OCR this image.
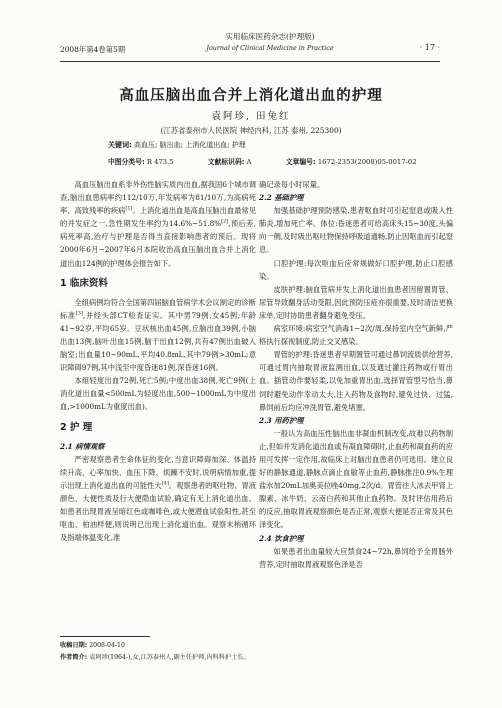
2008年第4卷第5期
实用临床医药杂志(护理版)
Journal of Clinical Medicine in Practice	· 17 ·
高血压脑出血合并上消化道出血的护理
袁阿珍, 田兔红
(江苏省泰州市人民医院 神经内科, 江苏 泰州, 225300)
关键词: 高血压; 脑出血; 上消化道出血; 护理
中图分类号: R 473.5	文献标识码: A	文章编号: 1672-2353(2008)05-0017-02

高血压脑出血系非外伤性脑实质内出血,据我国6个城市调查,脑出血患病率约112/10万,年发病率为81/10万,为高病死率、高致残率的疾病[1]。上消化道出血是高血压脑出血最常见的并发症之一,急性期发生率约为14.6%~51.8%[2],预后差,病死率高,治疗与护理是否得当直接影响患者的预后。现将2000年6月~2007年6月本院收治高血压脑出血合并上消化道出血124例的护理体会报告如下。

1 临床资料

全组病例均符合全国第四届脑血管病学术会议制定的诊断标准[3],并经头部CT检查证实。其中男79例,女45例;年龄41~92岁,平均65岁。豆状核出血45例,丘脑出血39例,小脑出血13例,脑叶出血15例,脑干出血12例,共有47例出血破入脑室;出血量10~90mL,平均40.8mL,其中79例>30mL;意识障碍97例,其中浅至中度昏迷81例,深昏迷16例。

本组轻度出血72例,死亡5例;中度出血38例,死亡9例(上消化道出血量<500mL为轻度出血,500~1000mL为中度出血,>1000mL为重度出血)。

2 护 理
2.1 病情观察

严密观察患者生命体征的变化,当意识障碍加深、体温持续升高、心率加快、血压下降、烦躁不安时,说明病情加重,提示出现上消化道出血的可能性大[4]。观察患者的呕吐物、胃液颜色、大便性质及行大便隐血试验,确定有无上消化道出血。如患者出现胃液呈暗红色或咖啡色,或大便潜血试验阳性,甚至呕血、柏油样便,则说明已出现上消化道出血。观察末梢循环及指端体温变化,准

确记录每小时尿量。

2.2 基础护理

加强基础护理预防感染,患者呕血时可引起窒息或吸入性肺炎,增加死亡率。体位:昏迷患者可给高床头15~30度,头偏向一侧,及时吸出呕吐物保持呼吸道通畅,防止因呕血而引起窒息。

口腔护理:每次呕血后应常规做好口腔护理,防止口腔感染。

皮肤护理:脑血管病并发上消化道出血患者因留置胃管、尿管导致翻身活动受限,因此预防压疮亦很重要,及时清洁更换床单,定时协助患者翻身避免受压。

病室环境:病室空气消毒1~2次/周,保持室内空气新鲜,严格执行探视制度,防止交叉感染。

胃管的护理:昏迷患者早期置管可通过鼻饲流质供给营养,可通过胃内抽取胃液监测出血,以及通过灌注药物或行胃出血。插管动作要轻柔,以免加重胃出血,选择胃管型号恰当,鼻饲时避免动作幸动太大,注入药物及食物时,避免过快、过猛,鼻饲前后均应冲洗胃管,避免堵塞。

2.3 用药护理

一般认为高血压性脑出血非凝血机制改变,故难以药物制止,但如并发消化道出血或有凝血障碍时,止血药和凝血药的应用可发挥一定作用,故临床上对脑出血患者仍可选用。建立良好的静脉通道,静脉点滴止血敏等止血药,静脉推注0.9%生理盐水加20mL加奥美拉唑40mg,2次/d。胃管往人冰去甲肾上腺素、冰牛奶、云南白药和其他止血药物。及时评估用药后的反应,抽取胃液观察颜色是否正常,观察大便是否正常及其色泽变化。

2.4 饮食护理

如果患者出血量较大应禁食24~72h,鼻饲给予全胃肠外营养,定时抽取胃液观察色泽是否

收稿日期: 2008-04-10
作者简介: 袁阿珍(1964-),女,江苏泰州人,副主任护师,内科科护士长。
